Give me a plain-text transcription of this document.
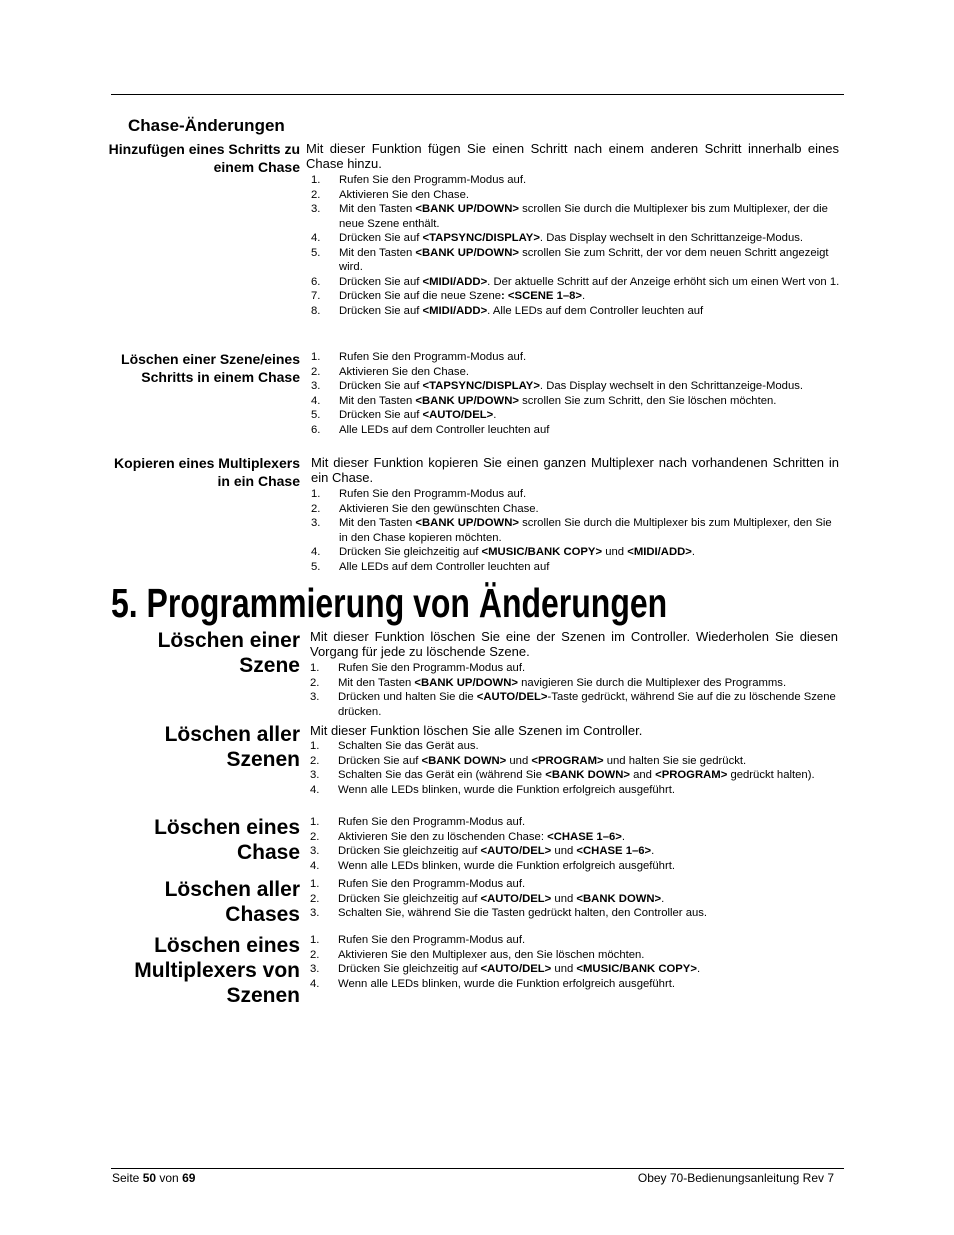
Chase-Änderungen
Hinzufügen eines Schritts zu einem Chase
Mit dieser Funktion fügen Sie einen Schritt nach einem anderen Schritt innerhalb eines Chase hinzu.
1. Rufen Sie den Programm-Modus auf.
2. Aktivieren Sie den Chase.
3. Mit den Tasten <BANK UP/DOWN> scrollen Sie durch die Multiplexer bis zum Multiplexer, der die neue Szene enthält.
4. Drücken Sie auf <TAPSYNC/DISPLAY>. Das Display wechselt in den Schrittanzeige-Modus.
5. Mit den Tasten <BANK UP/DOWN> scrollen Sie zum Schritt, der vor dem neuen Schritt angezeigt wird.
6. Drücken Sie auf <MIDI/ADD>. Der aktuelle Schritt auf der Anzeige erhöht sich um einen Wert von 1.
7. Drücken Sie auf die neue Szene: <SCENE 1–8>.
8. Drücken Sie auf <MIDI/ADD>. Alle LEDs auf dem Controller leuchten auf
Löschen einer Szene/eines Schritts in einem Chase
1. Rufen Sie den Programm-Modus auf.
2. Aktivieren Sie den Chase.
3. Drücken Sie auf <TAPSYNC/DISPLAY>. Das Display wechselt in den Schrittanzeige-Modus.
4. Mit den Tasten <BANK UP/DOWN> scrollen Sie zum Schritt, den Sie löschen möchten.
5. Drücken Sie auf <AUTO/DEL>.
6. Alle LEDs auf dem Controller leuchten auf
Kopieren eines Multiplexers in ein Chase
Mit dieser Funktion kopieren Sie einen ganzen Multiplexer nach vorhandenen Schritten in ein Chase.
1. Rufen Sie den Programm-Modus auf.
2. Aktivieren Sie den gewünschten Chase.
3. Mit den Tasten <BANK UP/DOWN> scrollen Sie durch die Multiplexer bis zum Multiplexer, den Sie in den Chase kopieren möchten.
4. Drücken Sie gleichzeitig auf <MUSIC/BANK COPY> und <MIDI/ADD>.
5. Alle LEDs auf dem Controller leuchten auf
5. Programmierung von Änderungen
Löschen einer Szene
Mit dieser Funktion löschen Sie eine der Szenen im Controller. Wiederholen Sie diesen Vorgang für jede zu löschende Szene.
1. Rufen Sie den Programm-Modus auf.
2. Mit den Tasten <BANK UP/DOWN> navigieren Sie durch die Multiplexer des Programms.
3. Drücken und halten Sie die <AUTO/DEL>-Taste gedrückt, während Sie auf die zu löschende Szene drücken.
Löschen aller Szenen
Mit dieser Funktion löschen Sie alle Szenen im Controller.
1. Schalten Sie das Gerät aus.
2. Drücken Sie auf <BANK DOWN> und <PROGRAM> und halten Sie sie gedrückt.
3. Schalten Sie das Gerät ein (während Sie <BANK DOWN> and <PROGRAM> gedrückt halten).
4. Wenn alle LEDs blinken, wurde die Funktion erfolgreich ausgeführt.
Löschen eines Chase
1. Rufen Sie den Programm-Modus auf.
2. Aktivieren Sie den zu löschenden Chase: <CHASE 1–6>.
3. Drücken Sie gleichzeitig auf <AUTO/DEL> und <CHASE 1–6>.
4. Wenn alle LEDs blinken, wurde die Funktion erfolgreich ausgeführt.
Löschen aller Chases
1. Rufen Sie den Programm-Modus auf.
2. Drücken Sie gleichzeitig auf <AUTO/DEL> und <BANK DOWN>.
3. Schalten Sie, während Sie die Tasten gedrückt halten, den Controller aus.
Löschen eines Multiplexers von Szenen
1. Rufen Sie den Programm-Modus auf.
2. Aktivieren Sie den Multiplexer aus, den Sie löschen möchten.
3. Drücken Sie gleichzeitig auf <AUTO/DEL> und <MUSIC/BANK COPY>.
4. Wenn alle LEDs blinken, wurde die Funktion erfolgreich ausgeführt.
Seite 50 von 69	Obey 70-Bedienungsanleitung Rev 7
